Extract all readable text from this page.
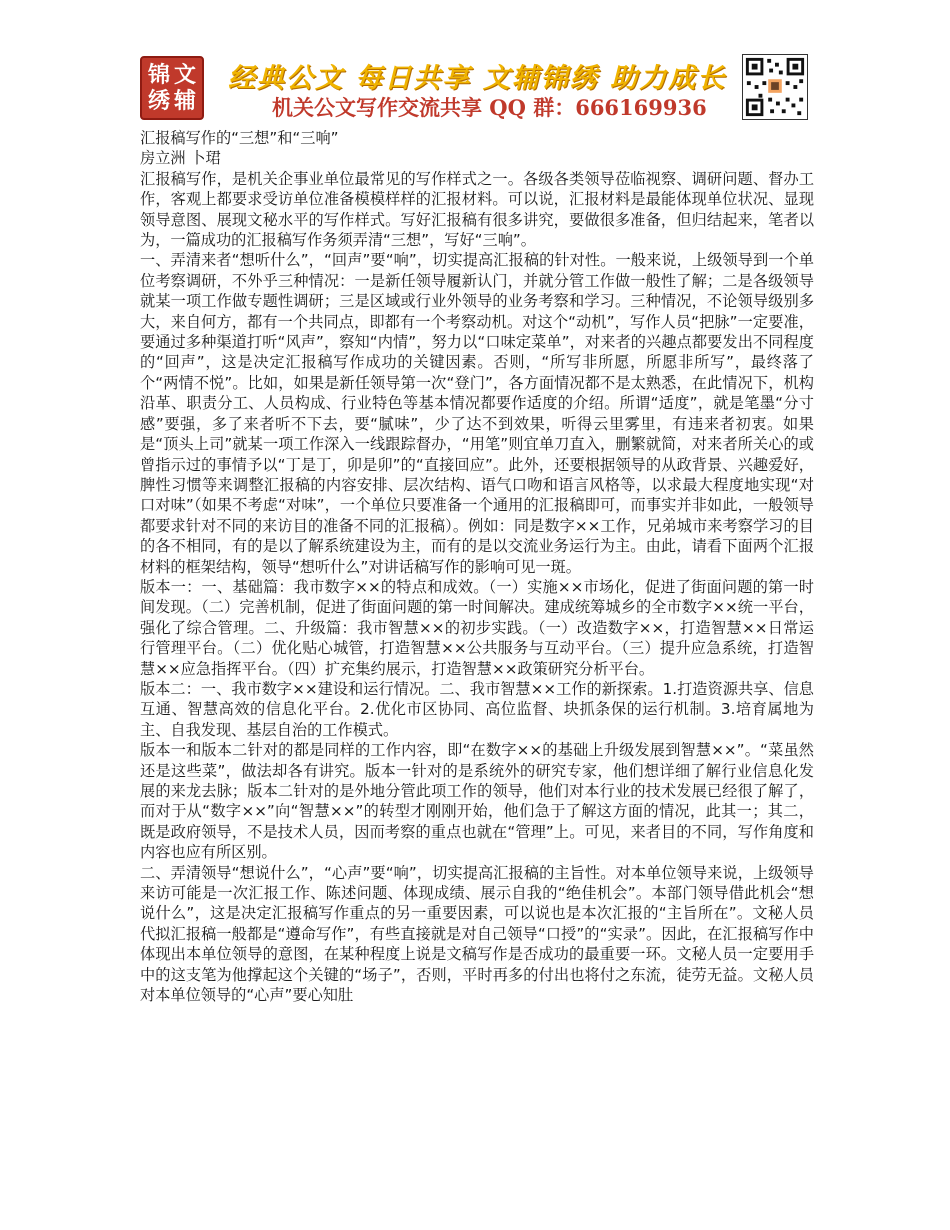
锦 文
绣 辅
经典公文 每日共享 文辅锦绣 助力成长
机关公文写作交流共享 QQ 群：666169936

汇报稿写作的“三想”和“三响”

房立洲 卜珺

汇报稿写作，是机关企事业单位最常见的写作样式之一。各级各类领导莅临视察、调研问题、督办工作，客观上都要求受访单位准备模模样样的汇报材料。可以说，汇报材料是最能体现单位状况、显现领导意图、展现文秘水平的写作样式。写好汇报稿有很多讲究，要做很多准备，但归结起来，笔者以为，一篇成功的汇报稿写作务须弄清“三想”，写好“三响”。

一、弄清来者“想听什么”，“回声”要“响”，切实提高汇报稿的针对性。一般来说，上级领导到一个单位考察调研，不外乎三种情况：一是新任领导履新认门，并就分管工作做一般性了解；二是各级领导就某一项工作做专题性调研；三是区域或行业外领导的业务考察和学习。三种情况，不论领导级别多大，来自何方，都有一个共同点，即都有一个考察动机。对这个“动机”，写作人员“把脉”一定要准，要通过多种渠道打听“风声”，察知“内情”，努力以“口味定菜单”，对来者的兴趣点都要发出不同程度的“回声”，这是决定汇报稿写作成功的关键因素。否则，“所写非所愿，所愿非所写”，最终落了个“两情不悦”。比如，如果是新任领导第一次“登门”，各方面情况都不是太熟悉，在此情况下，机构沿革、职责分工、人员构成、行业特色等基本情况都要作适度的介绍。所谓“适度”，就是笔墨“分寸感”要强，多了来者听不下去，要“腻味”，少了达不到效果，听得云里雾里，有违来者初衷。如果是“顶头上司”就某一项工作深入一线跟踪督办，“用笔”则宜单刀直入，删繁就简，对来者所关心的或曾指示过的事情予以“丁是丁，卯是卯”的“直接回应”。此外，还要根据领导的从政背景、兴趣爱好，脾性习惯等来调整汇报稿的内容安排、层次结构、语气口吻和语言风格等，以求最大程度地实现“对口对味”（如果不考虑“对味”，一个单位只要准备一个通用的汇报稿即可，而事实并非如此，一般领导都要求针对不同的来访目的准备不同的汇报稿）。例如：同是数字××工作，兄弟城市来考察学习的目的各不相同，有的是以了解系统建设为主，而有的是以交流业务运行为主。由此，请看下面两个汇报材料的框架结构，领导“想听什么”对讲话稿写作的影响可见一斑。

版本一：一、基础篇：我市数字××的特点和成效。（一）实施××市场化，促进了街面问题的第一时间发现。（二）完善机制，促进了街面问题的第一时间解决。建成统筹城乡的全市数字××统一平台，强化了综合管理。二、升级篇：我市智慧××的初步实践。（一）改造数字××，打造智慧××日常运行管理平台。（二）优化贴心城管，打造智慧××公共服务与互动平台。（三）提升应急系统，打造智慧××应急指挥平台。（四）扩充集约展示，打造智慧××政策研究分析平台。

版本二：一、我市数字××建设和运行情况。二、我市智慧××工作的新探索。1.打造资源共享、信息互通、智慧高效的信息化平台。2.优化市区协同、高位监督、块抓条保的运行机制。3.培育属地为主、自我发现、基层自治的工作模式。

版本一和版本二针对的都是同样的工作内容，即“在数字××的基础上升级发展到智慧××”。“菜虽然还是这些菜”，做法却各有讲究。版本一针对的是系统外的研究专家，他们想详细了解行业信息化发展的来龙去脉；版本二针对的是外地分管此项工作的领导，他们对本行业的技术发展已经很了解了，而对于从“数字××”向“智慧××”的转型才刚刚开始，他们急于了解这方面的情况，此其一；其二，既是政府领导，不是技术人员，因而考察的重点也就在“管理”上。可见，来者目的不同，写作角度和内容也应有所区别。

二、弄清领导“想说什么”，“心声”要“响”，切实提高汇报稿的主旨性。对本单位领导来说，上级领导来访可能是一次汇报工作、陈述问题、体现成绩、展示自我的“绝佳机会”。本部门领导借此机会“想说什么”，这是决定汇报稿写作重点的另一重要因素，可以说也是本次汇报的“主旨所在”。文秘人员代拟汇报稿一般都是“遵命写作”，有些直接就是对自己领导“口授”的“实录”。因此，在汇报稿写作中体现出本单位领导的意图，在某种程度上说是文稿写作是否成功的最重要一环。文秘人员一定要用手中的这支笔为他撑起这个关键的“场子”，否则，平时再多的付出也将付之东流，徒劳无益。文秘人员对本单位领导的“心声”要心知肚
